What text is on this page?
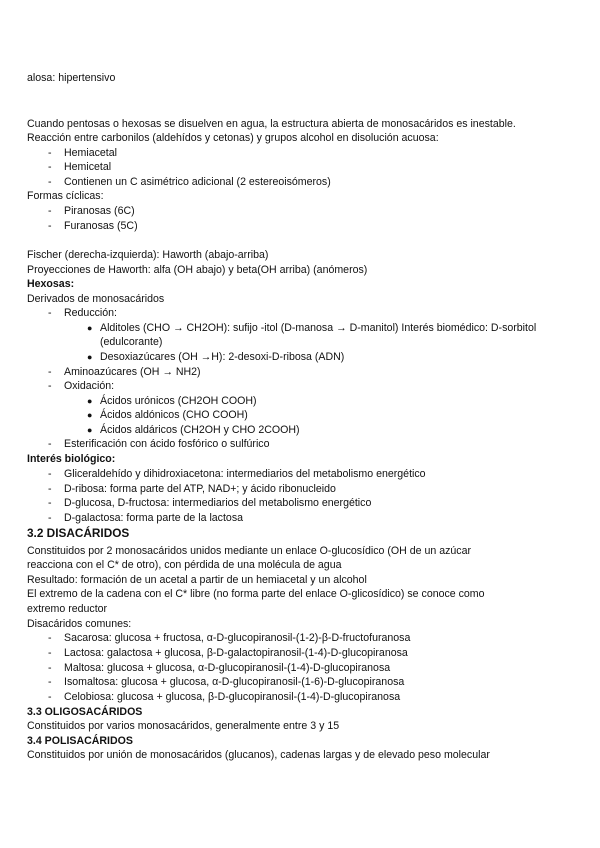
alosa: hipertensivo
Cuando pentosas o hexosas se disuelven en agua, la estructura abierta de monosacáridos es inestable.
Reacción entre carbonilos (aldehídos y cetonas) y grupos alcohol en disolución acuosa:
- Hemiacetal
- Hemicetal
- Contienen un C asimétrico adicional (2 estereoisómeros)
Formas cíclicas:
- Piranosas (6C)
- Furanosas (5C)
Fischer (derecha-izquierda): Haworth (abajo-arriba)
Proyecciones de Haworth: alfa (OH abajo) y beta(OH arriba) (anómeros)
Hexosas:
Derivados de monosacáridos
- Reducción:
● Alditoles (CHO → CH2OH): sufijo -itol (D-manosa → D-manitol) Interés biomédico: D-sorbitol
(edulcorante)
● Desoxiazúcares (OH →H): 2-desoxi-D-ribosa (ADN)
- Aminoazúcares (OH → NH2)
- Oxidación:
● Ácidos urónicos (CH2OH COOH)
● Ácidos aldónicos (CHO COOH)
● Ácidos aldáricos (CH2OH y CHO 2COOH)
- Esterificación con ácido fosfórico o sulfúrico
Interés biológico:
- Gliceraldehído y dihidroxiacetona: intermediarios del metabolismo energético
- D-ribosa: forma parte del ATP, NAD+; y ácido ribonucleido
- D-glucosa, D-fructosa: intermediarios del metabolismo energético
- D-galactosa: forma parte de la lactosa
3.2 DISACÁRIDOS
Constituidos por 2 monosacáridos unidos mediante un enlace O-glucosídico (OH de un azúcar
reacciona con el C* de otro), con pérdida de una molécula de agua
Resultado: formación de un acetal a partir de un hemiacetal y un alcohol
El extremo de la cadena con el C* libre (no forma parte del enlace O-glicosídico) se conoce como
extremo reductor
Disacáridos comunes:
- Sacarosa: glucosa + fructosa, α-D-glucopiranosil-(1-2)-β-D-fructofuranosa
- Lactosa: galactosa + glucosa, β-D-galactopiranosil-(1-4)-D-glucopiranosa
- Maltosa: glucosa + glucosa, α-D-glucopiranosil-(1-4)-D-glucopiranosa
- Isomaltosa: glucosa + glucosa, α-D-glucopiranosil-(1-6)-D-glucopiranosa
- Celobiosa: glucosa + glucosa, β-D-glucopiranosil-(1-4)-D-glucopiranosa
3.3 OLIGOSACÁRIDOS
Constituidos por varios monosacáridos, generalmente entre 3 y 15
3.4 POLISACÁRIDOS
Constituidos por unión de monosacáridos (glucanos), cadenas largas y de elevado peso molecular
